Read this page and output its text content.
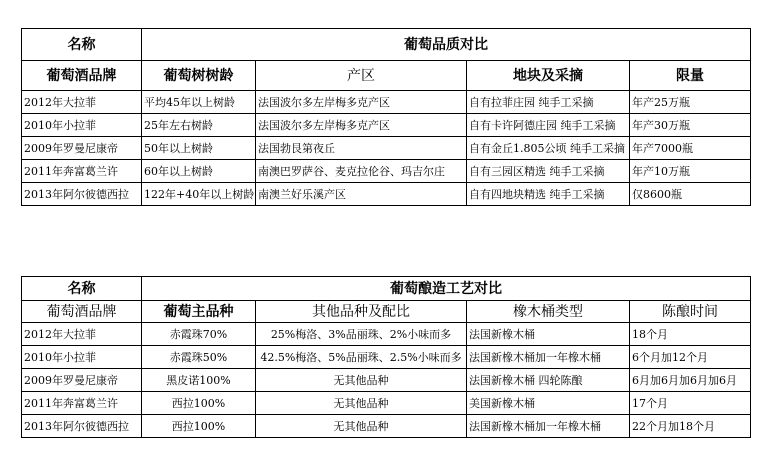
名称	葡萄品质对比			
葡萄酒品牌	葡萄树树龄	产区	地块及采摘	限量
2012年大拉菲	平均45年以上树龄	法国波尔多左岸梅多克产区	自有拉菲庄园 纯手工采摘	年产25万瓶
2010年小拉菲	25年左右树龄	法国波尔多左岸梅多克产区	自有卡许阿德庄园 纯手工采摘	年产30万瓶
2009年罗曼尼康帝	50年以上树龄	法国勃艮第夜丘	自有金丘1.805公顷 纯手工采摘	年产7000瓶
2011年奔富葛兰许	60年以上树龄	南澳巴罗萨谷、麦克拉伦谷、玛吉尔庄	自有三园区精选 纯手工采摘	年产10万瓶
2013年阿尔彼德西拉	122年+40年以上树龄	南澳兰好乐溪产区	自有四地块精选 纯手工采摘	仅8600瓶
名称	葡萄酿造工艺对比			
葡萄酒品牌	葡萄主品种	其他品种及配比	橡木桶类型	陈酿时间
2012年大拉菲	赤霞珠70%	25%梅洛、3%品丽珠、2%小味而多	法国新橡木桶	18个月
2010年小拉菲	赤霞珠50%	42.5%梅洛、5%品丽珠、2.5%小味而多	法国新橡木桶加一年橡木桶	6个月加12个月
2009年罗曼尼康帝	黑皮诺100%	无其他品种	法国新橡木桶 四轮陈酿	6月加6月加6月加6月
2011年奔富葛兰许	西拉100%	无其他品种	美国新橡木桶	17个月
2013年阿尔彼德西拉	西拉100%	无其他品种	法国新橡木桶加一年橡木桶	22个月加18个月
